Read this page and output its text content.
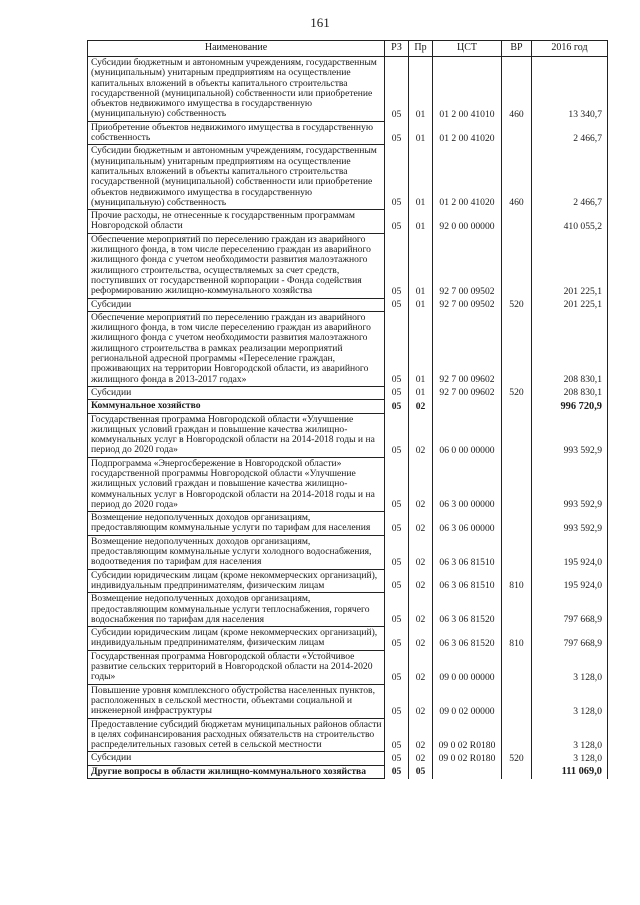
161
Наименование	РЗ	Пр	ЦСТ	ВР	2016 год
Субсидии бюджетным и автономным учреждениям, государственным (муниципальным) унитарным предприятиям на осуществление капитальных вложений в объекты капитального строительства государственной (муниципальной) собственности или приобретение объектов недвижимого имущества в государственную (муниципальную) собственность	05	01	01 2 00 41010	460	13 340,7
Приобретение объектов недвижимого имущества в государственную собственность	05	01	01 2 00 41020		2 466,7
Субсидии бюджетным и автономным учреждениям, государственным (муниципальным) унитарным предприятиям на осуществление капитальных вложений в объекты капитального строительства государственной (муниципальной) собственности или приобретение объектов недвижимого имущества в государственную (муниципальную) собственность	05	01	01 2 00 41020	460	2 466,7
Прочие расходы, не отнесенные к государственным программам Новгородской области	05	01	92 0 00 00000		410 055,2
Обеспечение мероприятий по переселению граждан из аварийного жилищного фонда, в том числе переселению граждан из аварийного жилищного фонда с учетом необходимости развития малоэтажного жилищного строительства, осуществляемых за счет средств, поступивших от государственной корпорации - Фонда содействия реформированию жилищно-коммунального хозяйства	05	01	92 7 00 09502		201 225,1
Субсидии	05	01	92 7 00 09502	520	201 225,1
Обеспечение мероприятий по переселению граждан из аварийного жилищного фонда, в том числе переселению граждан из аварийного жилищного фонда с учетом необходимости развития малоэтажного жилищного строительства в рамках реализации мероприятий региональной адресной программы «Переселение граждан, проживающих на территории Новгородской области, из аварийного жилищного фонда в 2013-2017 годах»	05	01	92 7 00 09602		208 830,1
Субсидии	05	01	92 7 00 09602	520	208 830,1
Коммунальное хозяйство	05	02			996 720,9
Государственная программа Новгородской области «Улучшение жилищных условий граждан и повышение качества жилищно-коммунальных услуг в Новгородской области на 2014-2018 годы и на период до 2020 года»	05	02	06 0 00 00000		993 592,9
Подпрограмма «Энергосбережение в Новгородской области» государственной программы Новгородской области «Улучшение жилищных условий граждан и повышение качества жилищно-коммунальных услуг в Новгородской области на 2014-2018 годы и на период до 2020 года»	05	02	06 3 00 00000		993 592,9
Возмещение недополученных доходов организациям, предоставляющим коммунальные услуги по тарифам для населения	05	02	06 3 06 00000		993 592,9
Возмещение недополученных доходов организациям, предоставляющим коммунальные услуги холодного водоснабжения, водоотведения по тарифам для населения	05	02	06 3 06 81510		195 924,0
Субсидии юридическим лицам (кроме некоммерческих организаций), индивидуальным предпринимателям, физическим лицам	05	02	06 3 06 81510	810	195 924,0
Возмещение недополученных доходов организациям, предоставляющим коммунальные услуги теплоснабжения, горячего водоснабжения по тарифам для населения	05	02	06 3 06 81520		797 668,9
Субсидии юридическим лицам (кроме некоммерческих организаций), индивидуальным предпринимателям, физическим лицам	05	02	06 3 06 81520	810	797 668,9
Государственная программа Новгородской области «Устойчивое развитие сельских территорий в Новгородской области на 2014-2020 годы»	05	02	09 0 00 00000		3 128,0
Повышение уровня комплексного обустройства населенных пунктов, расположенных в сельской местности, объектами социальной и инженерной инфраструктуры	05	02	09 0 02 00000		3 128,0
Предоставление субсидий бюджетам муниципальных районов области в целях софинансирования расходных обязательств на строительство распределительных газовых сетей в сельской местности	05	02	09 0 02 R0180		3 128,0
Субсидии	05	02	09 0 02 R0180	520	3 128,0
Другие вопросы в области жилищно-коммунального хозяйства	05	05			111 069,0
